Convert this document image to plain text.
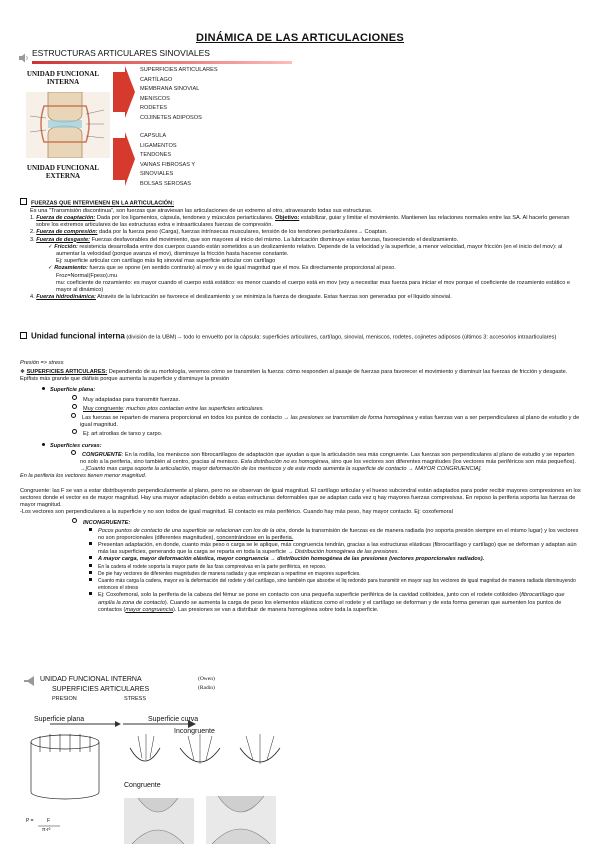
DINÁMICA DE LAS ARTICULACIONES
ESTRUCTURAS ARTICULARES SINOVIALES
UNIDAD FUNCIONAL
INTERNA
UNIDAD FUNCIONAL
EXTERNA
SUPERFICIES ARTICULARES
CARTÍLAGO
MEMBRANA SINOVIAL
MENISCOS
RODETES
COJINETES ADIPOSOS
CAPSULA
LIGAMENTOS
TENDONES
VAINAS FIBROSAS Y
SINOVIALES
BOLSAS SEROSAS
FUERZAS QUE INTERVIENEN EN LA ARTICULACIÓN:
Es una "Transmisión discontinua", son fuerzas que atraviesan las articulaciones de un extremo al otro, atravesando todas sus estructuras.
1. Fuerza de coaptación: Dada por los ligamentos, cápsula, tendones y músculos periarticulares. Objetivo: estabilizar, guiar y limitar el movimiento. Mantienen las relaciones normales entre las SA. Al hacerlo generan sobre los extremos articulares de las estructuras extra e intraarticulares fuerzas de compresión.
2. Fuerza de compresión: dada por la fuerza peso (Carga), fuerzas intrínsecas musculares, tensión de los tendones periarticulares→ Coaptan.
3. Fuerza de desgaste: Fuerzas desfavorables del movimiento, que son mayores al inicio del mismo. La lubricación disminuye estas fuerzas, favoreciendo el deslizamiento.
✓ Fricción: resistencia desarrollada entre dos cuerpos cuando están sometidos a un deslizamiento relativo. Depende de la velocidad y la superficie, a menor velocidad, mayor fricción (en el inicio del mov): al aumentar la velocidad (porque avanza el mov), disminuye la fricción hasta hacerse constante.
Ej: superficie articular con cartílago más liq sinovial mas superficie articular con cartílago
✓ Rozamiento: fuerza que se opone (en sentido contrario) al mov y es de igual magnitud que el mov. Es directamente proporcional al peso.
Froz=Normal(Fpeso).mu
mu: coeficiente de rozamiento: es mayor cuando el cuerpo está estático: es menor cuando el cuerpo está en mov (voy a necesitar mas fuerza para iniciar el mov porque el coeficiente de rozamiento estático e mayor al dinámico)
4. Fuerza hidrodinámica: Através de la lubricación se favorece el deslizamiento y se minimiza la fuerza de desgaste. Estas fuerzas son generadas por el líquido sinovial.
Unidad funcional interna (división de la UBM)→ todo lo envuelto por la cápsula: superficies articulares, cartílago, sinovial, meniscos, rodetes, cojinetes adiposos (últimos 3: accesorios intraarticulares)
Presión => stress
❖ SUPERFICIES ARTICULARES: Dependiendo de su morfología, veremos cómo se transmiten la fuerza: cómo responden al pasaje de fuerzas para favorecer el movimiento y disminuir las fuerzas de fricción y desgaste. Epífisis más grande que diáfisis porque aumenta la superficie y disminuye la presión
Superficie plana:
Muy adaptadas para transmitir fuerzas.
Muy congruente: muchos ptos contactan entre las superficies articulares.
Las fuerzas se reparten de manera proporcional en todos los puntos de contacto → las presiones se transmiten de forma homogénea y estas fuerzas van a ser perpendiculares al plano de estudio y de igual magnitud.
Ej: art atrodias de tarso y carpo.
Superficies curvas:
CONGRUENTE: En la rodilla, los meniscos son fibrocartílagos de adaptación que ayudan a que la articulación sea más congruente. Las fuerzas son perpendiculares al plano de estudio y se reparten no solo a la periferia, sino también al centro, gracias al menisco. Esta distribución no es homogénea, sino que los vectores son diferentes magnitudes (los vectores más periféricos son más pequeños).
→[Cuanto mas carga soporte la articulación, mayor deformación de los meniscos y de este modo aumenta la superficie de contacto → MAYOR CONGRUENCIA].
En la periferia los vectores tienen menor magnitud.
Congruente: las F se van a estar distribuyendo perpendicularmente al plano, pero no se observan de igual magnitud. El cartílago articular y el hueso subcondral están adaptados para poder recibir mayores compresiones en los sectores donde el vector es de mayor magnitud. Hay una mayor adaptación debido a estas estructuras deformables que se adaptan cada vez q hay mayores fuerzas compresivas. En reposo la periferia soporta las fuerzas de mayor magnitud.
-Los vectores son perpendiculares a la superficie y no son todos de igual magnitud. El contacto es más periférico. Cuando hay más peso, hay mayor contacto. Ej: coxofemoral
INCONGRUENTE:
Pocos puntos de contacto de una superficie se relacionan con los de la otra, donde la transmisión de fuerzas es de manera radiada (no soporta presión siempre en el mismo lugar) y los vectores no son proporcionales (diferentes magnitudes), concentrándose en la periferia.
Presentan adaptación, en donde, cuanto más peso o carga se le aplique, más congruencia tendrán, gracias a las estructuras elásticas (fibrocartílago y cartílago) que se deforman y adaptan aún más las superficies, generando que la carga se reparta en toda la superficie → Distribución homogénea de las presiones.
A mayor carga, mayor deformación elástica, mayor congruencia → distribución homogénea de las presiones (vectores proporcionales radiados).
En la cadera el rodete soporta la mayor parte de las fzas compresivas en la parte periférica, en reposo.
De pie hay vectores de diferentes magnitudes de manera radiada y que empiezan a repartirse en mayores superficies.
Cuanto más carga la cadera, mayor es la deformación del rodete y del cartílago, sino también que absorbe el liq redondo para transmitir en mayor sup los vectores de igual magnitud de manera radiada disminuyendo entonces el stress
Ej: Coxofemoral, solo la periferia de la cabeza del fémur se pone en contacto con una pequeña superficie periférica de la cavidad cotiloidea, junto con el rodete cotiloideo (fibrocartílago que amplía la zona de contacto). Cuando se aumenta la carga de peso los elementos elásticos como el rodete y el cartílago se deforman y de esta forma generan que aumenten los puntos de contactos (mayor congruencia). Las presiones se van a distribuir de manera homogénea sobre toda la superficie.
UNIDAD FUNCIONAL INTERNA	(Owen)
SUPERFICIES ARTICULARES	(Radin)
PRESION	STRESS
Superficie plana	Superficie curva
Incongruente
Congruente
P =	F
π·r²
